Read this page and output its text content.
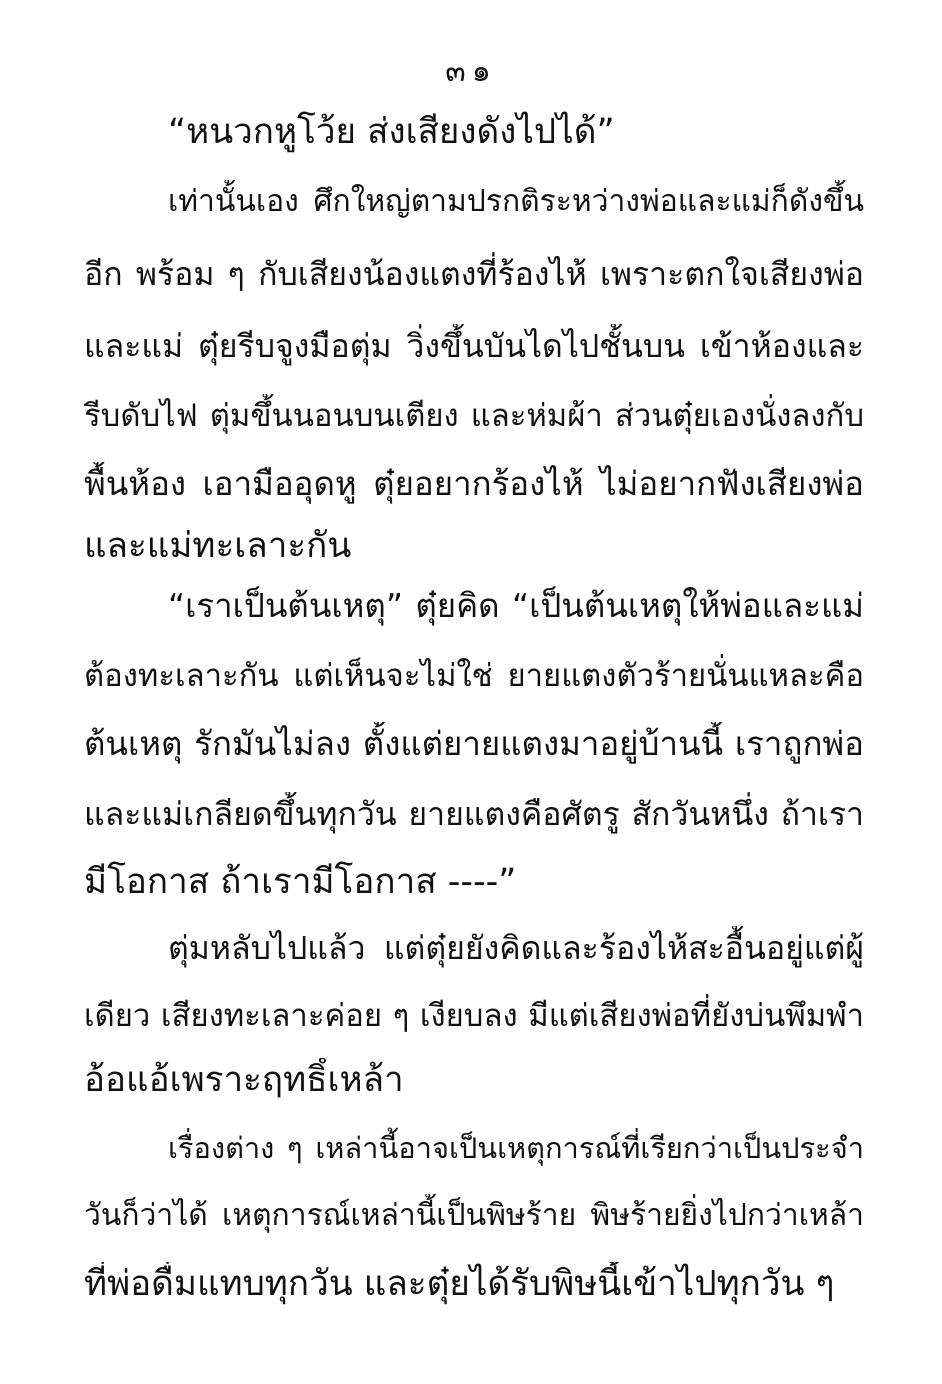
๓๑
“หนวกหูโว้ย ส่งเสียงดังไปได้”
เท่านั้นเอง ศึกใหญ่ตามปรกติระหว่างพ่อและแม่ก็ดังขึ้น
อีก พร้อม ๆ กับเสียงน้องแตงที่ร้องไห้ เพราะตกใจเสียงพ่อ
และแม่ ตุ๋ยรีบจูงมือตุ่ม วิ่งขึ้นบันไดไปชั้นบน เข้าห้องและ
รีบดับไฟ ตุ่มขึ้นนอนบนเตียง และห่มผ้า ส่วนตุ๋ยเองนั่งลงกับ
พื้นห้อง เอามืออุดหู ตุ๋ยอยากร้องไห้ ไม่อยากฟังเสียงพ่อ
และแม่ทะเลาะกัน
“เราเป็นต้นเหตุ” ตุ๋ยคิด “เป็นต้นเหตุให้พ่อและแม่
ต้องทะเลาะกัน แต่เห็นจะไม่ใช่ ยายแตงตัวร้ายนั่นแหละคือ
ต้นเหตุ รักมันไม่ลง ตั้งแต่ยายแตงมาอยู่บ้านนี้ เราถูกพ่อ
และแม่เกลียดขึ้นทุกวัน ยายแตงคือศัตรู สักวันหนึ่ง ถ้าเรา
มีโอกาส ถ้าเรามีโอกาส ----”
ตุ่มหลับไปแล้ว แต่ตุ๋ยยังคิดและร้องไห้สะอื้นอยู่แต่ผู้
เดียว เสียงทะเลาะค่อย ๆ เงียบลง มีแต่เสียงพ่อที่ยังบ่นพึมพำ
อ้อแอ้เพราะฤทธิ์เหล้า
เรื่องต่าง ๆ เหล่านี้อาจเป็นเหตุการณ์ที่เรียกว่าเป็นประจำ
วันก็ว่าได้ เหตุการณ์เหล่านี้เป็นพิษร้าย พิษร้ายยิ่งไปกว่าเหล้า
ที่พ่อดื่มแทบทุกวัน และตุ๋ยได้รับพิษนี้เข้าไปทุกวัน ๆ
